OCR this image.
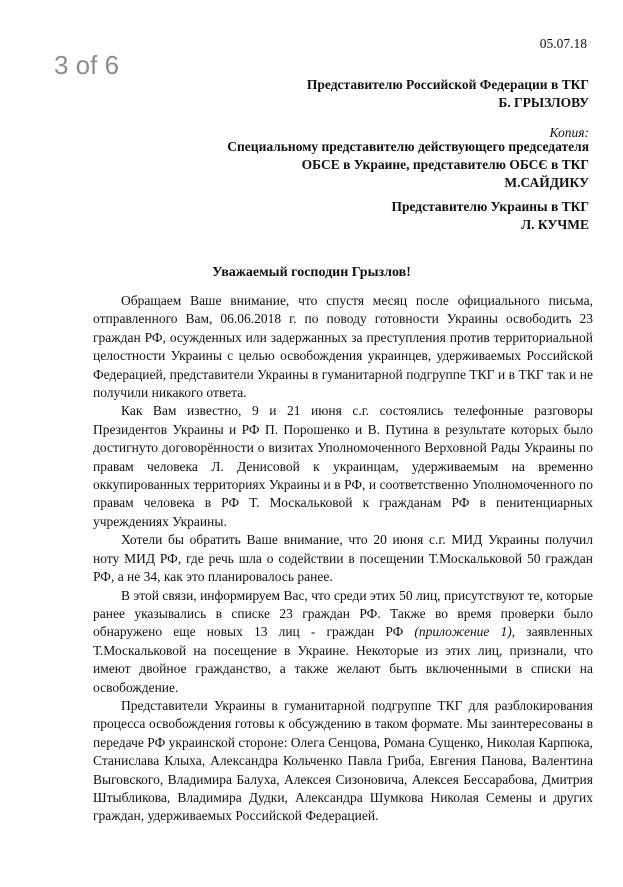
3 of 6
05.07.18
Представителю Российской Федерации в ТКГ
Б. ГРЫЗЛОВУ
Копия:
Специальному представителю действующего председателя
ОБСЕ в Украине, представителю ОБСЄ в ТКГ
М.САЙДИКУ
Представителю Украины в ТКГ
Л. КУЧМЕ
Уважаемый господин Грызлов!

Обращаем Ваше внимание, что спустя месяц после официального письма, отправленного Вам, 06.06.2018 г. по поводу готовности Украины освободить 23 граждан РФ, осужденных или задержанных за преступления против территориальной целостности Украины с целью освобождения украинцев, удерживаемых Российской Федерацией, представители Украины в гуманитарной подгруппе ТКГ и в ТКГ так и не получили никакого ответа.

Как Вам известно, 9 и 21 июня с.г. состоялись телефонные разговоры Президентов Украины и РФ П. Порошенко и В. Путина в результате которых было достигнуто договорённости о визитах Уполномоченного Верховной Рады Украины по правам человека Л. Денисовой к украинцам, удерживаемым на временно оккупированных территориях Украины и в РФ, и соответственно Уполномоченного по правам человека в РФ Т. Москальковой к гражданам РФ в пенитенциарных учреждениях Украины.

Хотели бы обратить Ваше внимание, что 20 июня с.г. МИД Украины получил ноту МИД РФ, где речь шла о содействии в посещении Т.Москальковой 50 граждан РФ, а не 34, как это планировалось ранее.

В этой связи, информируем Вас, что среди этих 50 лиц, присутствуют те, которые ранее указывались в списке 23 граждан РФ. Также во время проверки было обнаружено еще новых 13 лиц - граждан РФ (приложение 1), заявленных Т.Москальковой на посещение в Украине. Некоторые из этих лиц, признали, что имеют двойное гражданство, а также желают быть включенными в списки на освобождение.

Представители Украины в гуманитарной подгруппе ТКГ для разблокирования процесса освобождения готовы к обсуждению в таком формате. Мы заинтересованы в передаче РФ украинской стороне: Олега Сенцова, Романа Сущенко, Николая Карпюка, Станислава Клыха, Александра Кольченко Павла Гриба, Евгения Панова, Валентина Выговского, Владимира Балуха, Алексея Сизоновича, Алексея Бессарабова, Дмитрия Штыбликова, Владимира Дудки, Александра Шумкова Николая Семены и других граждан, удерживаемых Российской Федерацией.
